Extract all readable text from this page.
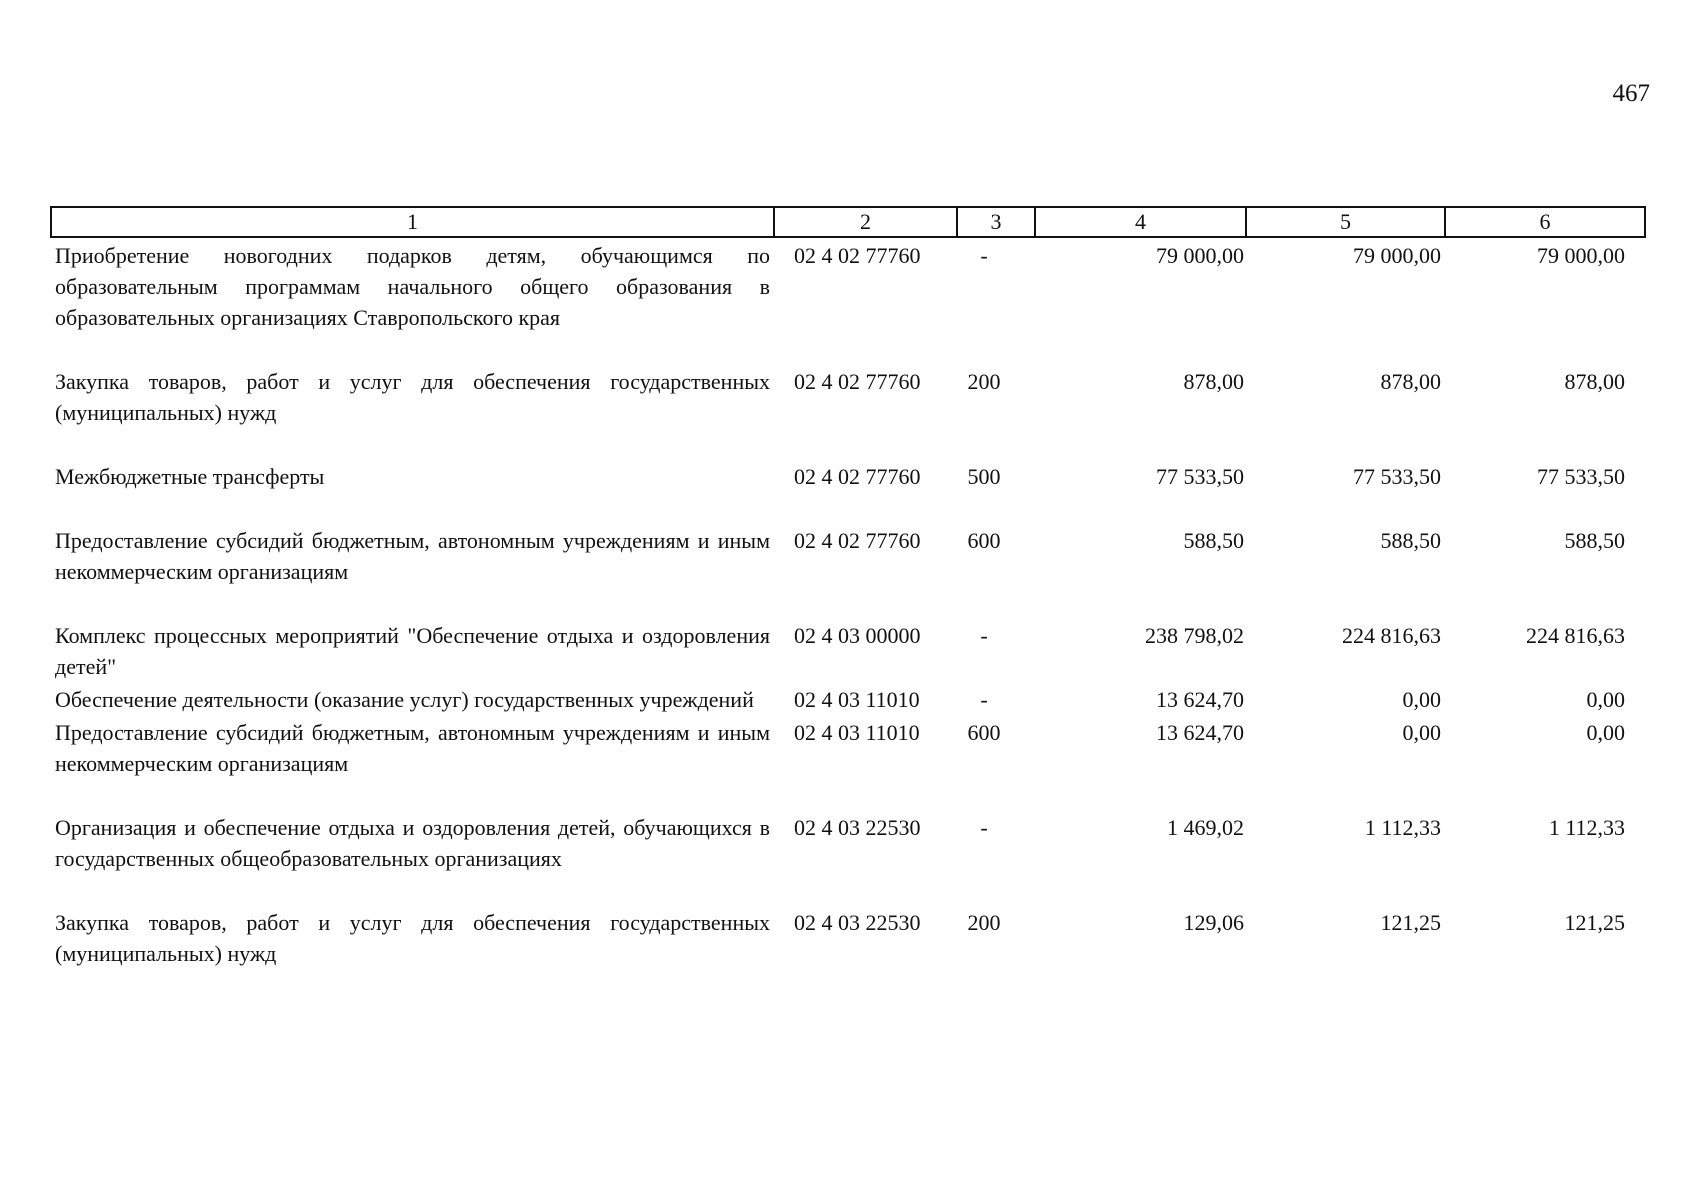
467
1	2	3	4	5	6
Приобретение новогодних подарков детям, обучающимся по образовательным программам начального общего образования в образовательных организациях Ставропольского края	02 4 02 77760	-	79 000,00	79 000,00	79 000,00
Закупка товаров, работ и услуг для обеспечения государственных (муниципальных) нужд	02 4 02 77760	200	878,00	878,00	878,00
Межбюджетные трансферты	02 4 02 77760	500	77 533,50	77 533,50	77 533,50
Предоставление субсидий бюджетным, автономным учреждениям и иным некоммерческим организациям	02 4 02 77760	600	588,50	588,50	588,50
Комплекс процессных мероприятий "Обеспечение отдыха и оздоровления детей"	02 4 03 00000	-	238 798,02	224 816,63	224 816,63
Обеспечение деятельности (оказание услуг) государственных учреждений	02 4 03 11010	-	13 624,70	0,00	0,00
Предоставление субсидий бюджетным, автономным учреждениям и иным некоммерческим организациям	02 4 03 11010	600	13 624,70	0,00	0,00
Организация и обеспечение отдыха и оздоровления детей, обучающихся в государственных общеобразовательных организациях	02 4 03 22530	-	1 469,02	1 112,33	1 112,33
Закупка товаров, работ и услуг для обеспечения государственных (муниципальных) нужд	02 4 03 22530	200	129,06	121,25	121,25
